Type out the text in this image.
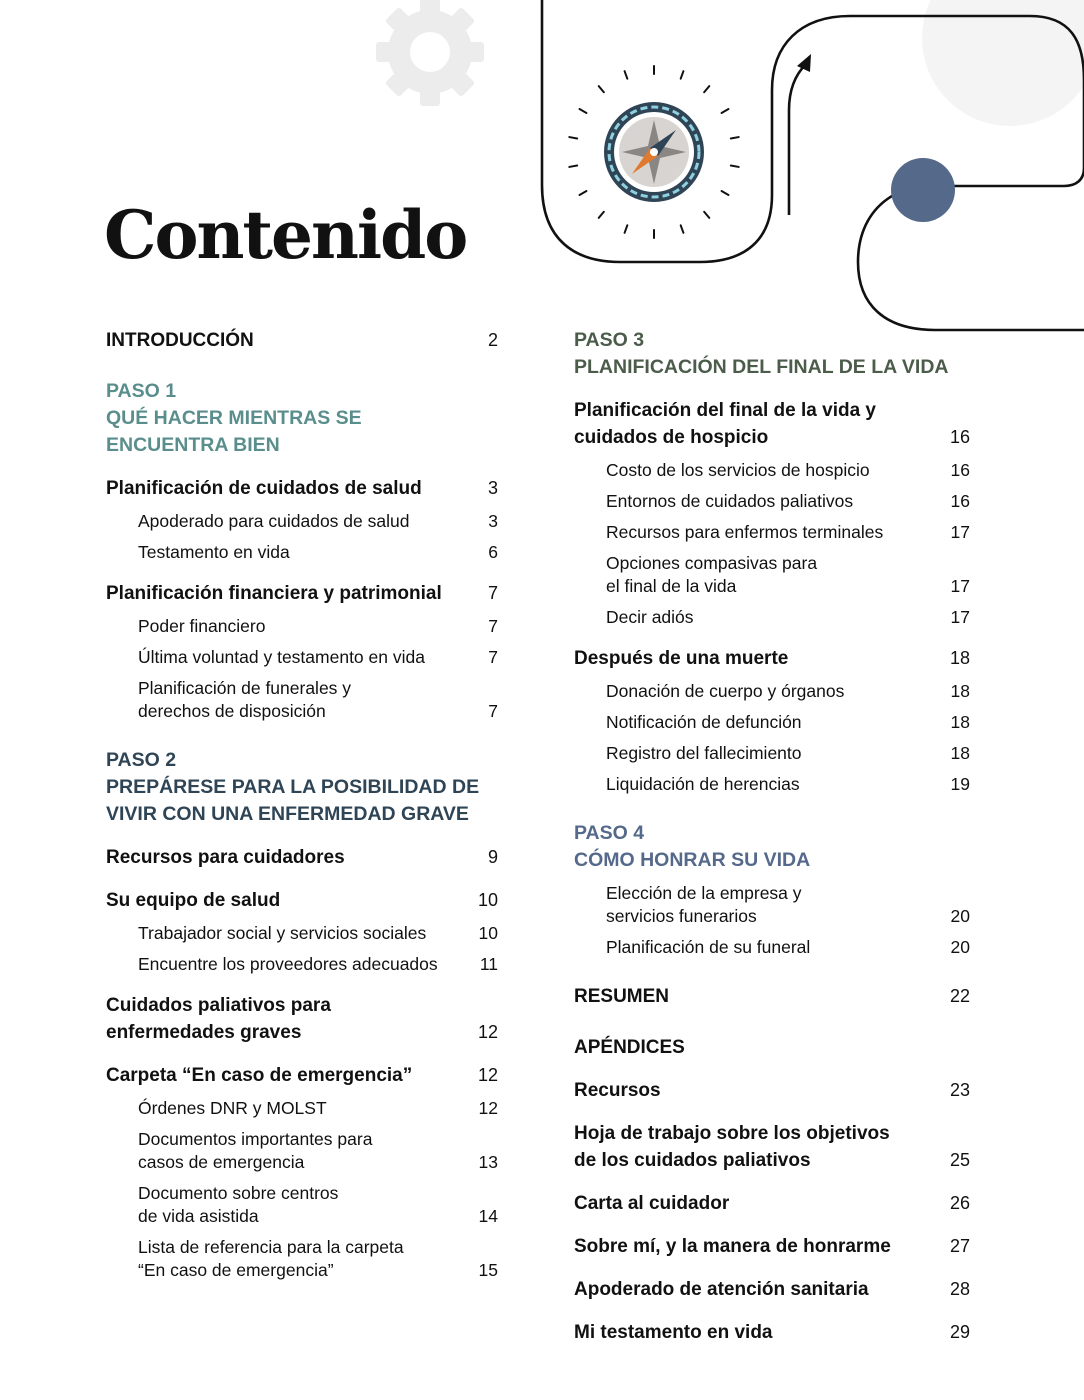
Contenido
INTRODUCCIÓN	2
PASO 1
QUÉ HACER MIENTRAS SE
ENCUENTRA BIEN
Planificación de cuidados de salud	3
Apoderado para cuidados de salud	3
Testamento en vida	6
Planificación financiera y patrimonial	7
Poder financiero	7
Última voluntad y testamento en vida	7
Planificación de funerales y
derechos de disposición	7
PASO 2
PREPÁRESE PARA LA POSIBILIDAD DE
VIVIR CON UNA ENFERMEDAD GRAVE
Recursos para cuidadores	9
Su equipo de salud	10
Trabajador social y servicios sociales	10
Encuentre los proveedores adecuados	11
Cuidados paliativos para
enfermedades graves	12
Carpeta “En caso de emergencia”	12
Órdenes DNR y MOLST	12
Documentos importantes para
casos de emergencia	13
Documento sobre centros
de vida asistida	14
Lista de referencia para la carpeta
“En caso de emergencia”	15
PASO 3
PLANIFICACIÓN DEL FINAL DE LA VIDA
Planificación del final de la vida y
cuidados de hospicio	16
Costo de los servicios de hospicio	16
Entornos de cuidados paliativos	16
Recursos para enfermos terminales	17
Opciones compasivas para
el final de la vida	17
Decir adiós	17
Después de una muerte	18
Donación de cuerpo y órganos	18
Notificación de defunción	18
Registro del fallecimiento	18
Liquidación de herencias	19
PASO 4
CÓMO HONRAR SU VIDA
Elección de la empresa y
servicios funerarios	20
Planificación de su funeral	20
RESUMEN	22
APÉNDICES
Recursos	23
Hoja de trabajo sobre los objetivos
de los cuidados paliativos	25
Carta al cuidador	26
Sobre mí, y la manera de honrarme	27
Apoderado de atención sanitaria	28
Mi testamento en vida	29
